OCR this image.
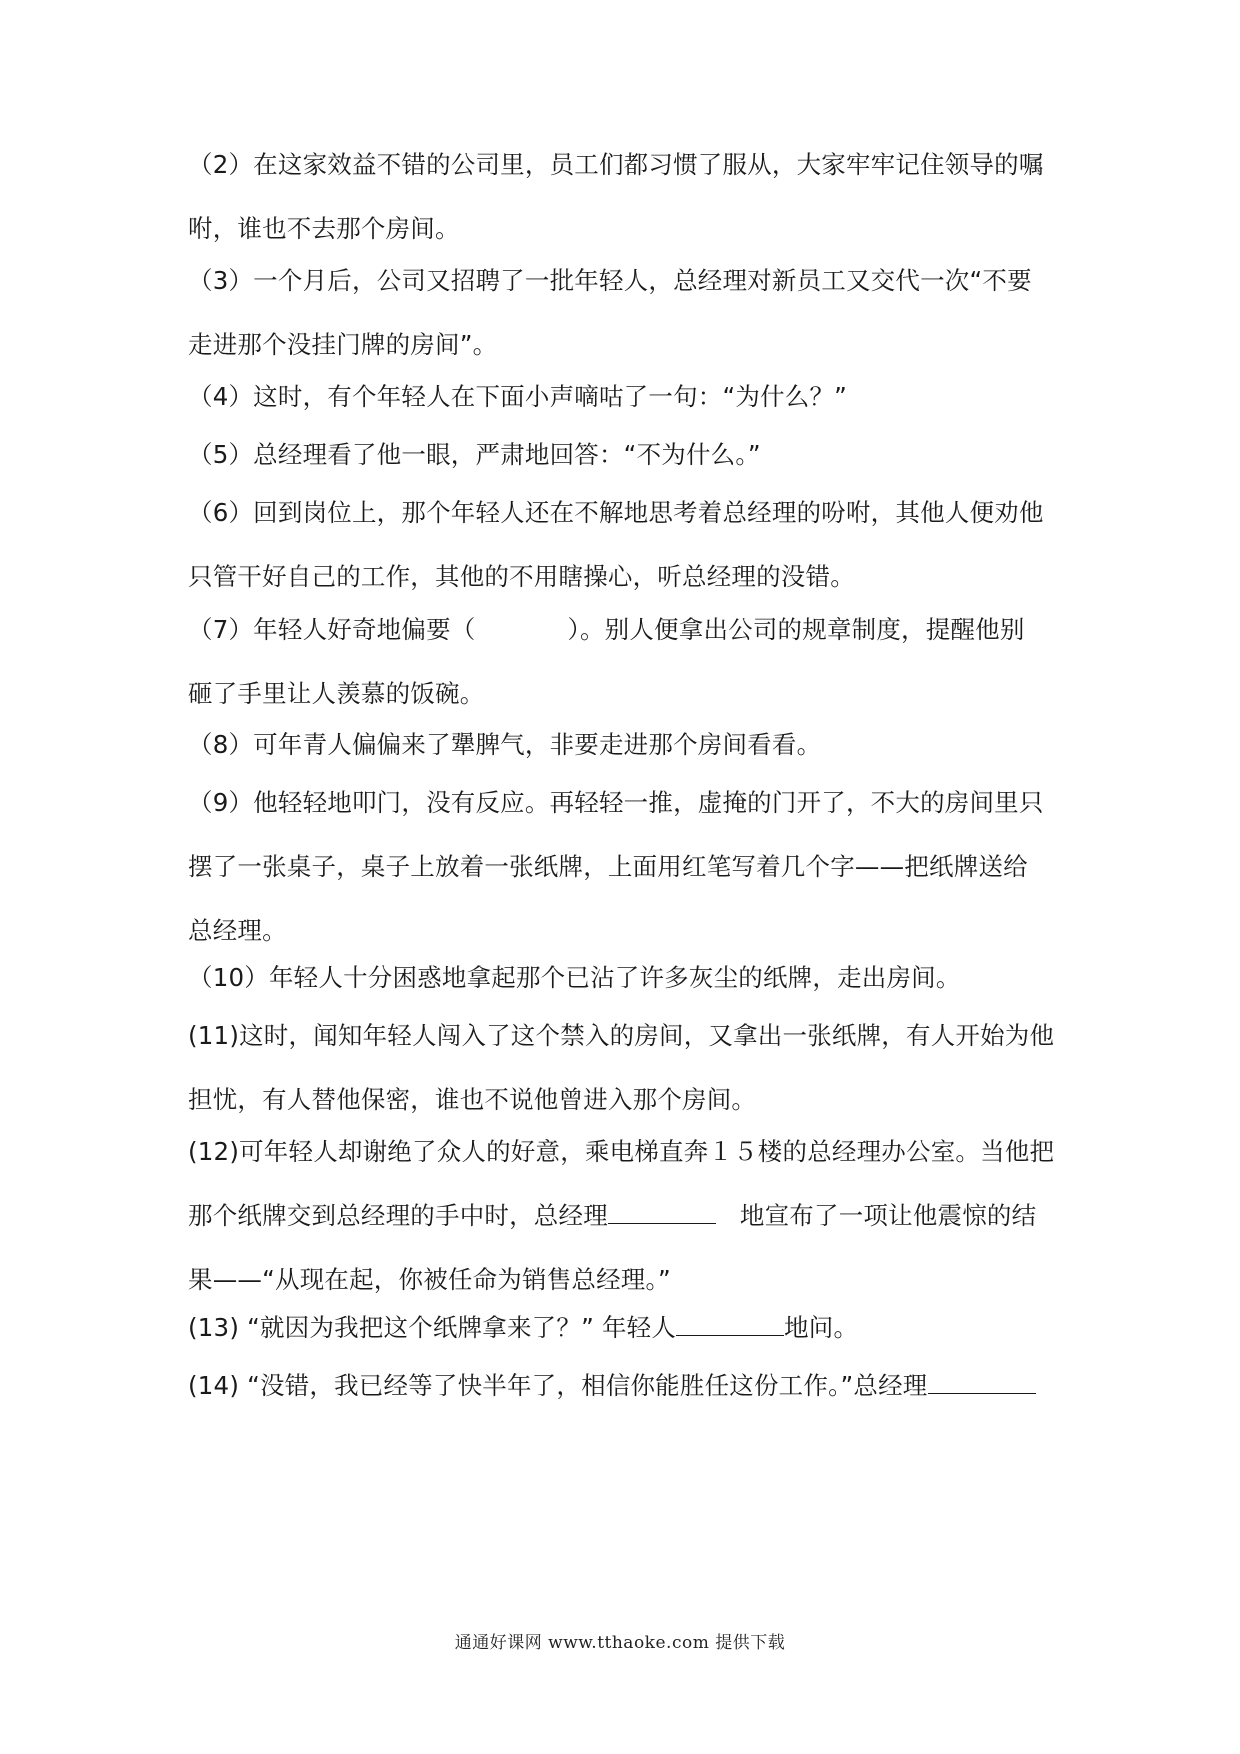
（2）在这家效益不错的公司里，员工们都习惯了服从，大家牢牢记住领导的嘱
咐，谁也不去那个房间。
（3）一个月后，公司又招聘了一批年轻人，总经理对新员工又交代一次“不要
走进那个没挂门牌的房间”。
（4）这时，有个年轻人在下面小声嘀咕了一句：“为什么？”
（5）总经理看了他一眼，严肃地回答：“不为什么。”
（6）回到岗位上，那个年轻人还在不解地思考着总经理的吩咐，其他人便劝他
只管干好自己的工作，其他的不用瞎操心，听总经理的没错。
（7）年轻人好奇地偏要（	）。别人便拿出公司的规章制度，提醒他别
砸了手里让人羡慕的饭碗。
（8）可年青人偏偏来了犟脾气，非要走进那个房间看看。
（9）他轻轻地叩门，没有反应。再轻轻一推，虚掩的门开了，不大的房间里只
摆了一张桌子，桌子上放着一张纸牌，上面用红笔写着几个字——把纸牌送给
总经理。
（10）年轻人十分困惑地拿起那个已沾了许多灰尘的纸牌，走出房间。
(11)这时，闻知年轻人闯入了这个禁入的房间，又拿出一张纸牌，有人开始为他
担忧，有人替他保密，谁也不说他曾进入那个房间。
(12)可年轻人却谢绝了众人的好意，乘电梯直奔１５楼的总经理办公室。当他把
那个纸牌交到总经理的手中时，总经理	地宣布了一项让他震惊的结
果——“从现在起，你被任命为销售总经理。”
(13) “就因为我把这个纸牌拿来了？” 年轻人	地问。
(14) “没错，我已经等了快半年了，相信你能胜任这份工作。”总经理
通通好课网 www.tthaoke.com 提供下载
